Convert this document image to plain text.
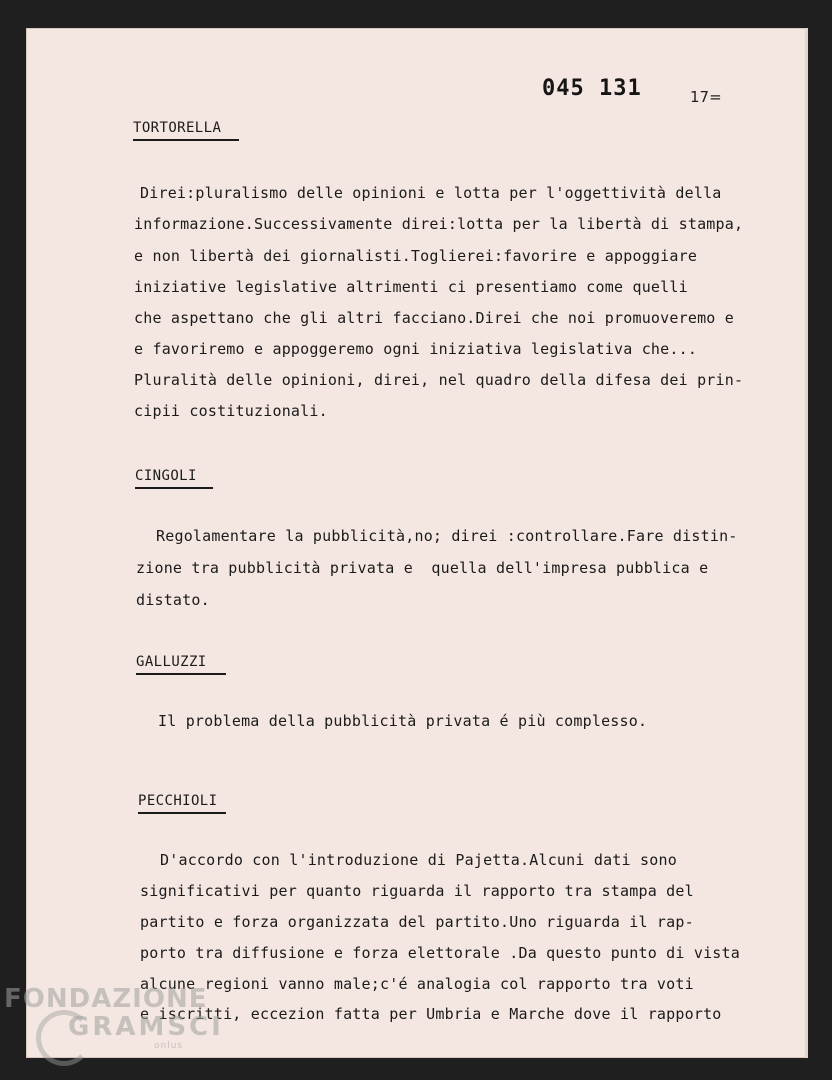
045 131	17=
TORTORELLA
Direi:pluralismo delle opinioni e lotta per l'oggettività della
informazione.Successivamente direi:lotta per la libertà di stampa,
e non libertà dei giornalisti.Toglierei:favorire e appoggiare
iniziative legislative altrimenti ci presentiamo come quelli
che aspettano che gli altri facciano.Direi che noi promuoveremo e
e favoriremo e appoggeremo ogni iniziativa legislativa che...
Pluralità delle opinioni, direi, nel quadro della difesa dei prin-
cipii costituzionali.
CINGOLI
Regolamentare la pubblicità,no; direi :controllare.Fare distin-
zione tra pubblicità privata e  quella dell'impresa pubblica e
distato.
GALLUZZI
Il problema della pubblicità privata é più complesso.
PECCHIOLI
D'accordo con l'introduzione di Pajetta.Alcuni dati sono
significativi per quanto riguarda il rapporto tra stampa del
partito e forza organizzata del partito.Uno riguarda il rap-
porto tra diffusione e forza elettorale .Da questo punto di vista
alcune regioni vanno male;c'é analogia col rapporto tra voti
e iscritti, eccezion fatta per Umbria e Marche dove il rapporto
FONDAZIONE
GRAMSCI
onlus
